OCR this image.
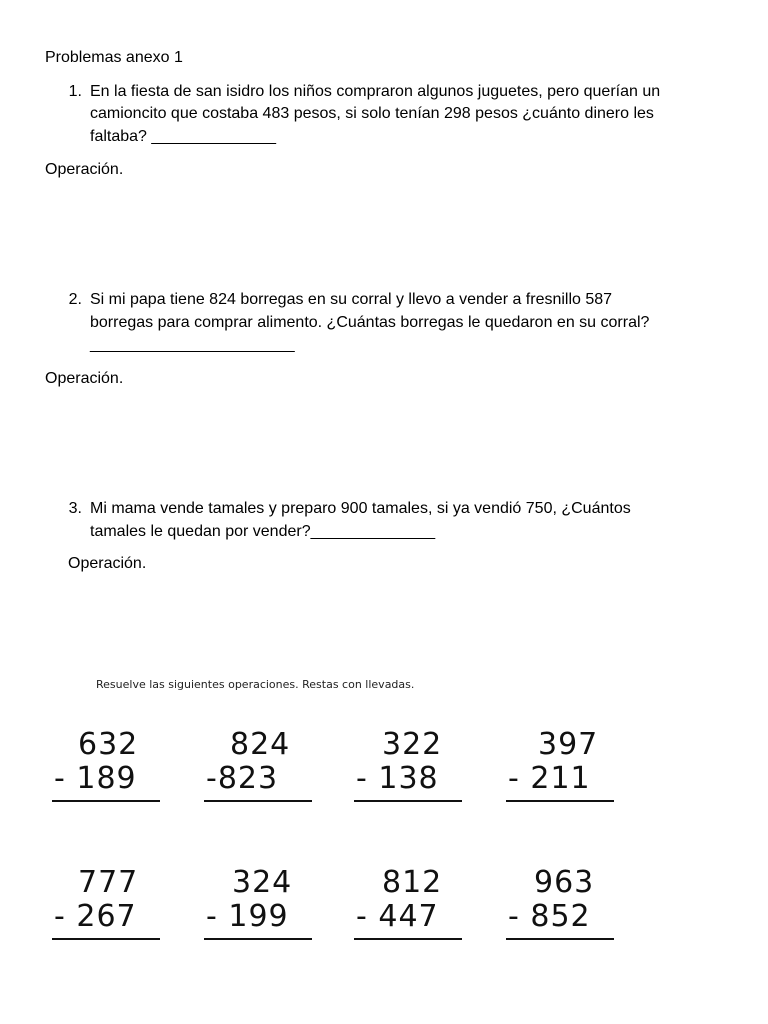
Problemas anexo 1
1. En la fiesta de san isidro los niños compraron algunos juguetes, pero querían un
camioncito que costaba 483 pesos, si solo tenían 298 pesos ¿cuánto dinero les
faltaba? ______________
Operación.
2. Si mi papa tiene 824 borregas en su corral y llevo a vender a fresnillo 587
borregas para comprar alimento. ¿Cuántas borregas le quedaron en su corral?
_______________________
Operación.
3. Mi mama vende tamales y preparo 900 tamales, si ya vendió 750, ¿Cuántos
tamales le quedan por vender?______________
Operación.
Resuelve las siguientes operaciones. Restas con llevadas.
632
- 189
824
-823
322
- 138
397
- 211
777
- 267
324
- 199
812
- 447
963
- 852
